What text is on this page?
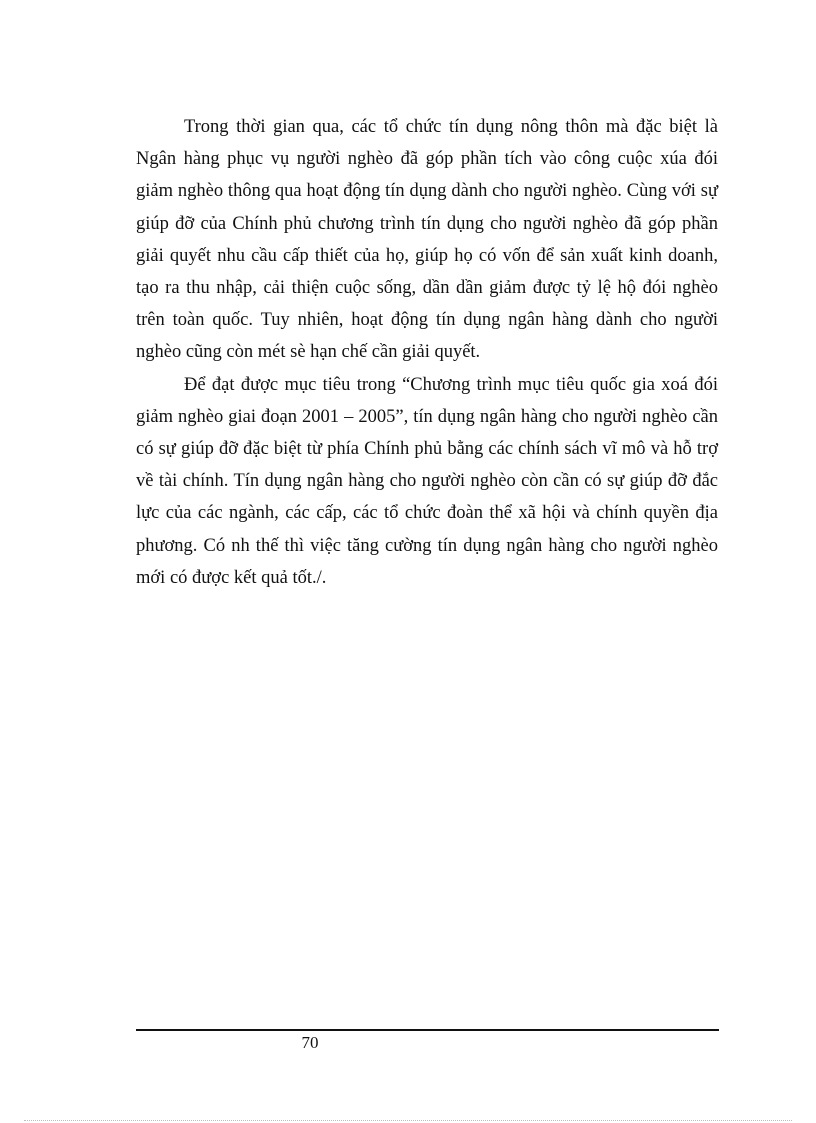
Trong thời gian qua, các tổ chức tín dụng nông thôn mà đặc biệt là Ngân hàng phục vụ người nghèo đã góp phần tích vào công cuộc xúa đói giảm nghèo thông qua hoạt động tín dụng dành cho người nghèo. Cùng với sự giúp đỡ của Chính phủ chương trình tín dụng cho người nghèo đã góp phần giải quyết nhu cầu cấp thiết của họ, giúp họ có vốn để sản xuất kinh doanh, tạo ra thu nhập, cải thiện cuộc sống, dần dần giảm được tỷ lệ hộ đói nghèo trên toàn quốc. Tuy nhiên, hoạt động tín dụng ngân hàng dành cho người nghèo cũng còn mét sè hạn chế cần giải quyết.

Để đạt được mục tiêu trong “Chương trình mục tiêu quốc gia xoá đói giảm nghèo giai đoạn 2001 – 2005”, tín dụng ngân hàng cho người nghèo cần có sự giúp đỡ đặc biệt từ phía Chính phủ bằng các chính sách vĩ mô và hỗ trợ về tài chính. Tín dụng ngân hàng cho người nghèo còn cần có sự giúp đỡ đắc lực của các ngành, các cấp, các tổ chức đoàn thể xã hội và chính quyền địa phương. Có nh thế thì việc tăng cường tín dụng ngân hàng cho người nghèo mới có được kết quả tốt./.

70
